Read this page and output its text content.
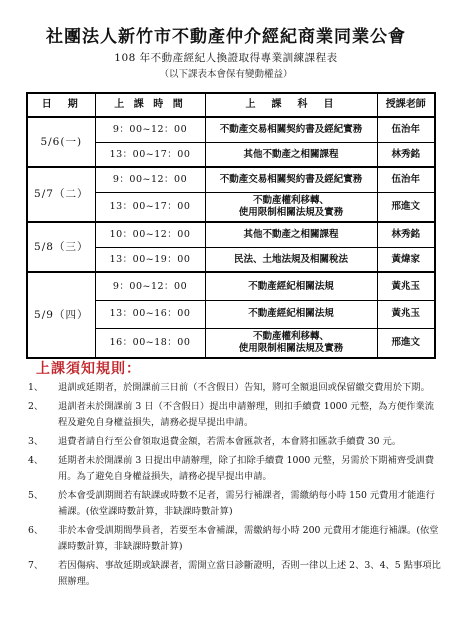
社團法人新竹市不動產仲介經紀商業同業公會
108 年不動產經紀人換證取得專業訓練課程表
（以下課表本會保有變動權益）
日　期	上 課 時 間	上　課　科　目	授課老師
5/6(一)	9：00~12：00	不動產交易相關契約書及經紀實務	伍治年
	13：00~17：00	其他不動產之相關課程	林秀銘
5/7（二）	9：00~12：00	不動產交易相關契約書及經紀實務	伍治年
	13：00~17：00	不動產權利移轉、
使用限制相關法規及實務	邢進文
5/8（三）	10：00~12：00	其他不動產之相關課程	林秀銘
	13：00~19：00	民法、土地法規及相關稅法	黃煒家
5/9（四）	9：00~12：00	不動產經紀相關法規	黃兆玉
	13：00~16：00	不動產經紀相關法規	黃兆玉
	16：00~18：00	不動產權利移轉、
使用限制相關法規及實務	邢進文
上課須知規則：
1、	退訓或延期者，於開課前三日前（不含假日）告知，將可全額退回或保留繳交費用於下期。
2、	退訓者未於開課前 3 日（不含假日）提出申請辦理，則扣手續費 1000 元整，為方便作業流程及避免自身權益損失，請務必提早提出申請。
3、	退費者請自行至公會領取退費金額，若需本會匯款者，本會將扣匯款手續費 30 元。
4、	延期者未於開課前 3 日提出申請辦理，除了扣除手續費 1000 元整，另需於下期補齊受訓費用。為了避免自身權益損失，請務必提早提出申請。
5、	於本會受訓期間若有缺課或時數不足者，需另行補課者，需繳納每小時 150 元費用才能進行補課。(依堂課時數計算，非缺課時數計算)
6、	非於本會受訓期間學員者，若要至本會補課，需繳納每小時 200 元費用才能進行補課。(依堂課時數計算，非缺課時數計算)
7、	若因傷病、事故延期或缺課者，需開立當日診斷證明，否則一律以上述 2、3、4、5 點事項比照辦理。
